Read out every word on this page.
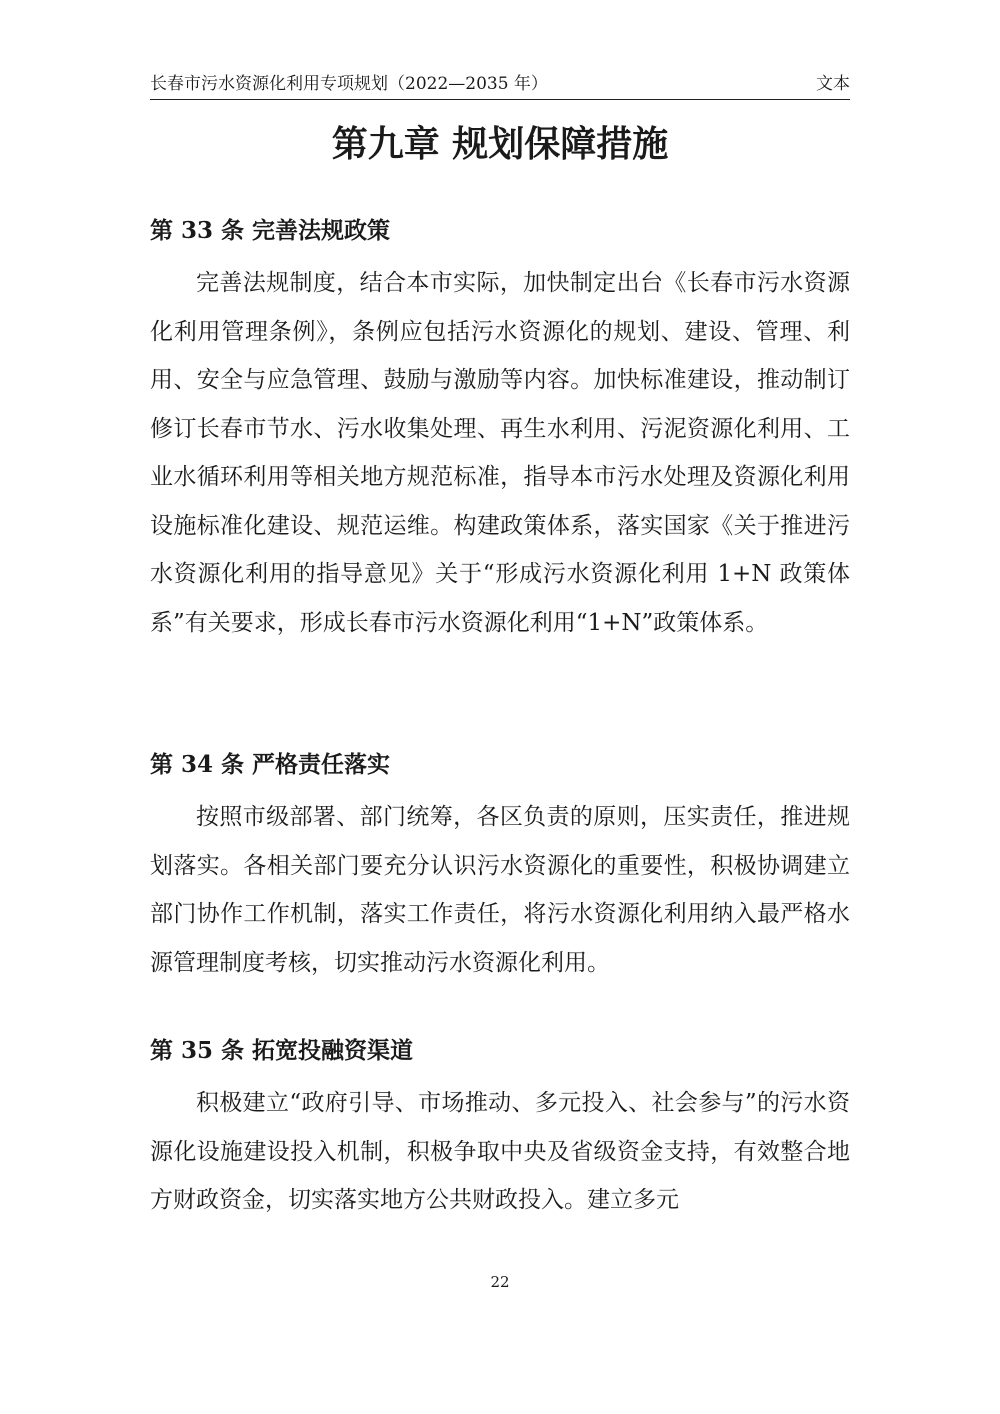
长春市污水资源化利用专项规划（2022—2035 年）	文本
第九章 规划保障措施
第 33 条 完善法规政策

完善法规制度，结合本市实际，加快制定出台《长春市污水资源化利用管理条例》，条例应包括污水资源化的规划、建设、管理、利用、安全与应急管理、鼓励与激励等内容。加快标准建设，推动制订修订长春市节水、污水收集处理、再生水利用、污泥资源化利用、工业水循环利用等相关地方规范标准，指导本市污水处理及资源化利用设施标准化建设、规范运维。构建政策体系，落实国家《关于推进污水资源化利用的指导意见》关于“形成污水资源化利用 1+N 政策体系”有关要求，形成长春市污水资源化利用“1+N”政策体系。

第 34 条 严格责任落实

按照市级部署、部门统筹，各区负责的原则，压实责任，推进规划落实。各相关部门要充分认识污水资源化的重要性，积极协调建立部门协作工作机制，落实工作责任，将污水资源化利用纳入最严格水源管理制度考核，切实推动污水资源化利用。

第 35 条 拓宽投融资渠道

积极建立“政府引导、市场推动、多元投入、社会参与”的污水资源化设施建设投入机制，积极争取中央及省级资金支持，有效整合地方财政资金，切实落实地方公共财政投入。建立多元

22
